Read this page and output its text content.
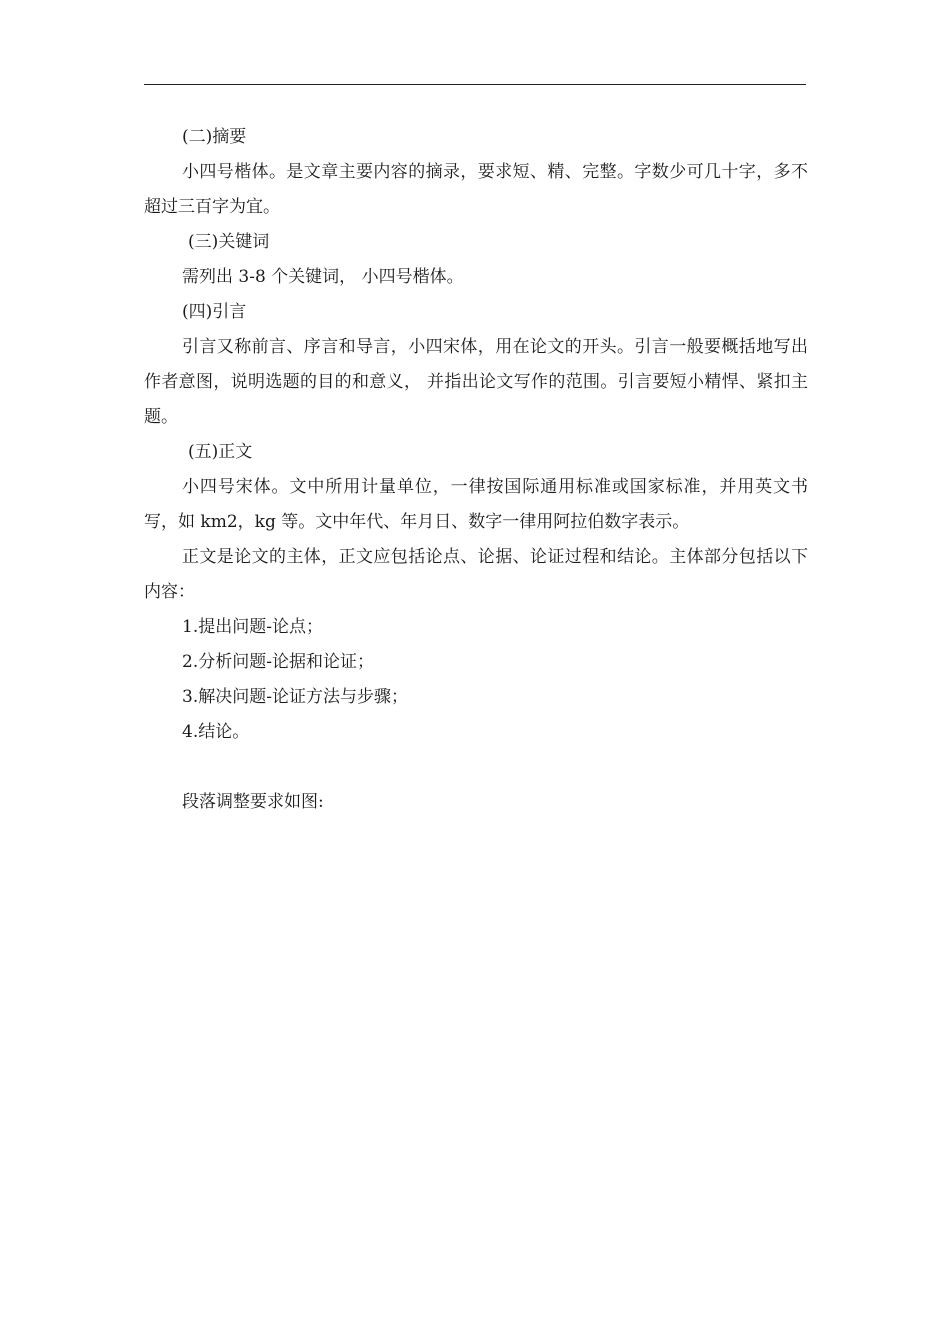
(二)摘要

小四号楷体。是文章主要内容的摘录，要求短、精、完整。字数少可几十字，多不超过三百字为宜。

(三)关键词

需列出 3-8 个关键词， 小四号楷体。

(四)引言

引言又称前言、序言和导言，小四宋体，用在论文的开头。引言一般要概括地写出作者意图，说明选题的目的和意义， 并指出论文写作的范围。引言要短小精悍、紧扣主题。

(五)正文

小四号宋体。文中所用计量单位，一律按国际通用标准或国家标准，并用英文书写，如 km2，kg 等。文中年代、年月日、数字一律用阿拉伯数字表示。

正文是论文的主体，正文应包括论点、论据、论证过程和结论。主体部分包括以下内容：

1.提出问题-论点；

2.分析问题-论据和论证；

3.解决问题-论证方法与步骤；

4.结论。

段落调整要求如图:
